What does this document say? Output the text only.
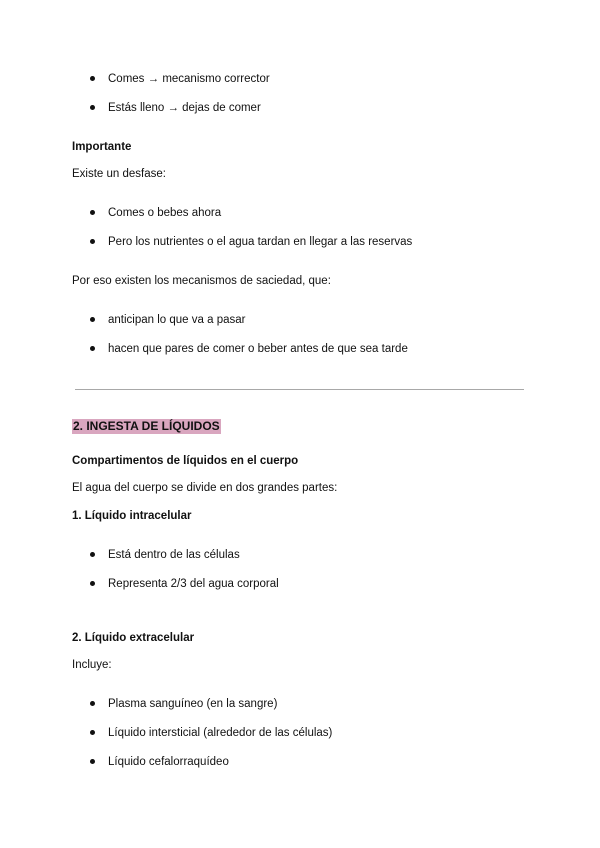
Comes → mecanismo corrector
Estás lleno → dejas de comer
Importante
Existe un desfase:
Comes o bebes ahora
Pero los nutrientes o el agua tardan en llegar a las reservas
Por eso existen los mecanismos de saciedad, que:
anticipan lo que va a pasar
hacen que pares de comer o beber antes de que sea tarde
2. INGESTA DE LÍQUIDOS
Compartimentos de líquidos en el cuerpo
El agua del cuerpo se divide en dos grandes partes:
1. Líquido intracelular
Está dentro de las células
Representa 2/3 del agua corporal
2. Líquido extracelular
Incluye:
Plasma sanguíneo (en la sangre)
Líquido intersticial (alrededor de las células)
Líquido cefalorraquídeo
